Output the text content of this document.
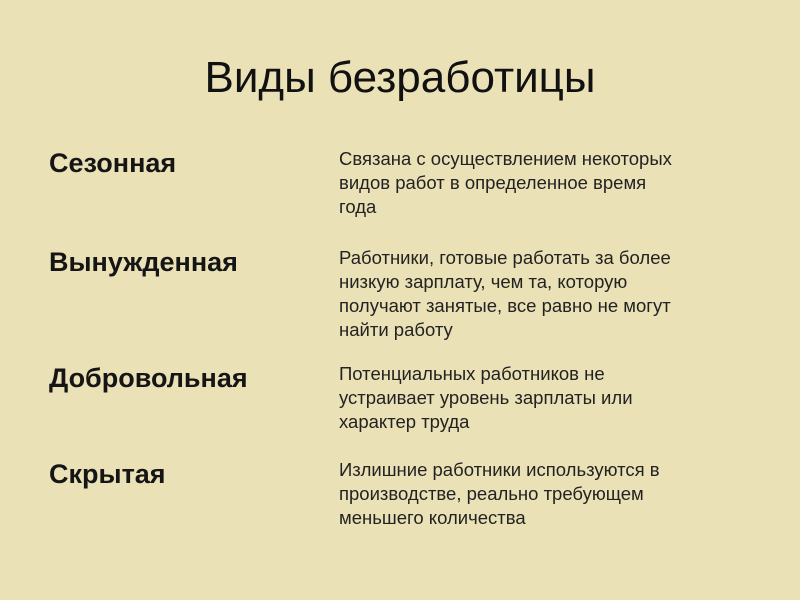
Виды безработицы
Сезонная	Связана с осуществлением некоторых
видов работ в определенное время
года
Вынужденная	Работники, готовые работать за более
низкую зарплату, чем та, которую
получают занятые, все равно не могут
найти работу
Добровольная	Потенциальных работников не
устраивает уровень зарплаты или
характер труда
Скрытая	Излишние работники используются в
производстве, реально требующем
меньшего количества
